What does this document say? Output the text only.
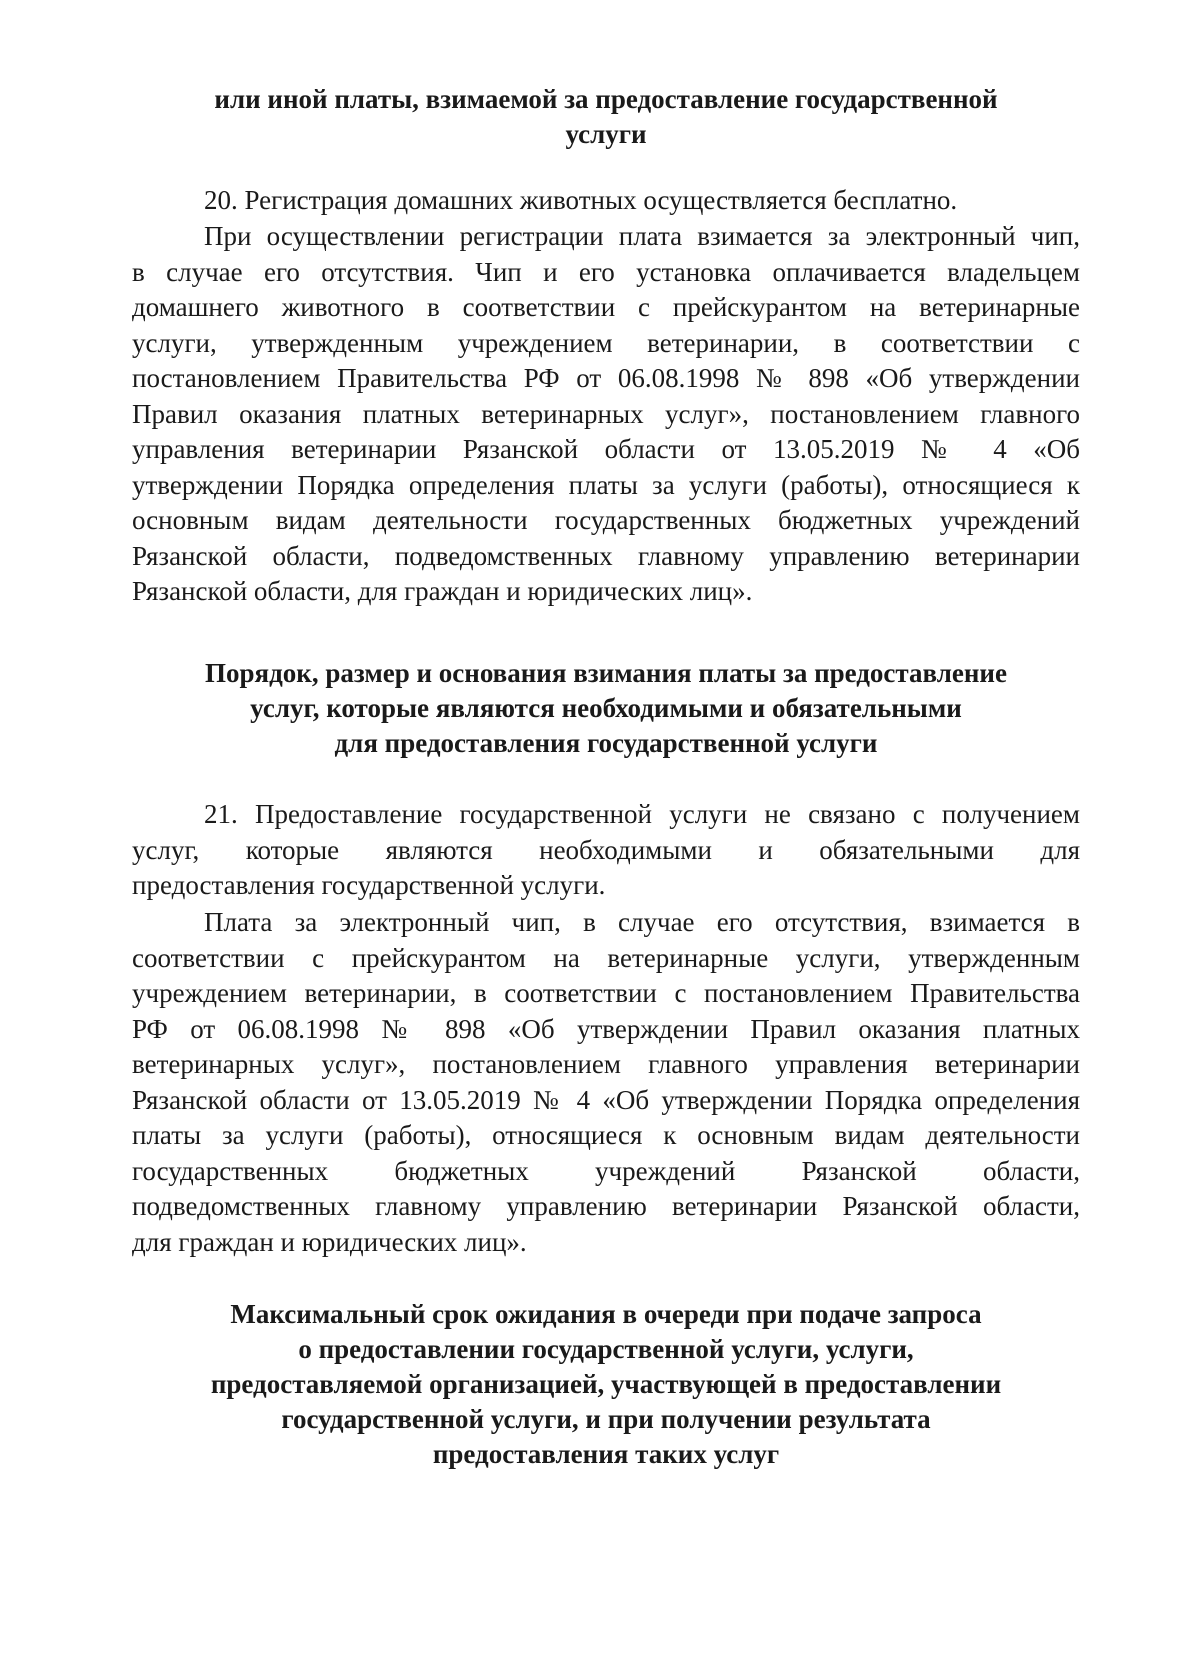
или иной платы, взимаемой за предоставление государственной
услуги
20. Регистрация домашних животных осуществляется бесплатно.
При осуществлении регистрации плата взимается за электронный чип,
в случае его отсутствия. Чип и его установка оплачивается владельцем
домашнего животного в соответствии с прейскурантом на ветеринарные
услуги, утвержденным учреждением ветеринарии, в соответствии с
постановлением Правительства РФ от 06.08.1998 № 898 «Об утверждении
Правил оказания платных ветеринарных услуг», постановлением главного
управления ветеринарии Рязанской области от 13.05.2019 № 4 «Об
утверждении Порядка определения платы за услуги (работы), относящиеся к
основным видам деятельности государственных бюджетных учреждений
Рязанской области, подведомственных главному управлению ветеринарии
Рязанской области, для граждан и юридических лиц».
Порядок, размер и основания взимания платы за предоставление
услуг, которые являются необходимыми и обязательными
для предоставления государственной услуги
21. Предоставление государственной услуги не связано с получением
услуг, которые являются необходимыми и обязательными для
предоставления государственной услуги.
Плата за электронный чип, в случае его отсутствия, взимается в
соответствии с прейскурантом на ветеринарные услуги, утвержденным
учреждением ветеринарии, в соответствии с постановлением Правительства
РФ от 06.08.1998 № 898 «Об утверждении Правил оказания платных
ветеринарных услуг», постановлением главного управления ветеринарии
Рязанской области от 13.05.2019 № 4 «Об утверждении Порядка определения
платы за услуги (работы), относящиеся к основным видам деятельности
государственных бюджетных учреждений Рязанской области,
подведомственных главному управлению ветеринарии Рязанской области,
для граждан и юридических лиц».
Максимальный срок ожидания в очереди при подаче запроса
о предоставлении государственной услуги, услуги,
предоставляемой организацией, участвующей в предоставлении
государственной услуги, и при получении результата
предоставления таких услуг
